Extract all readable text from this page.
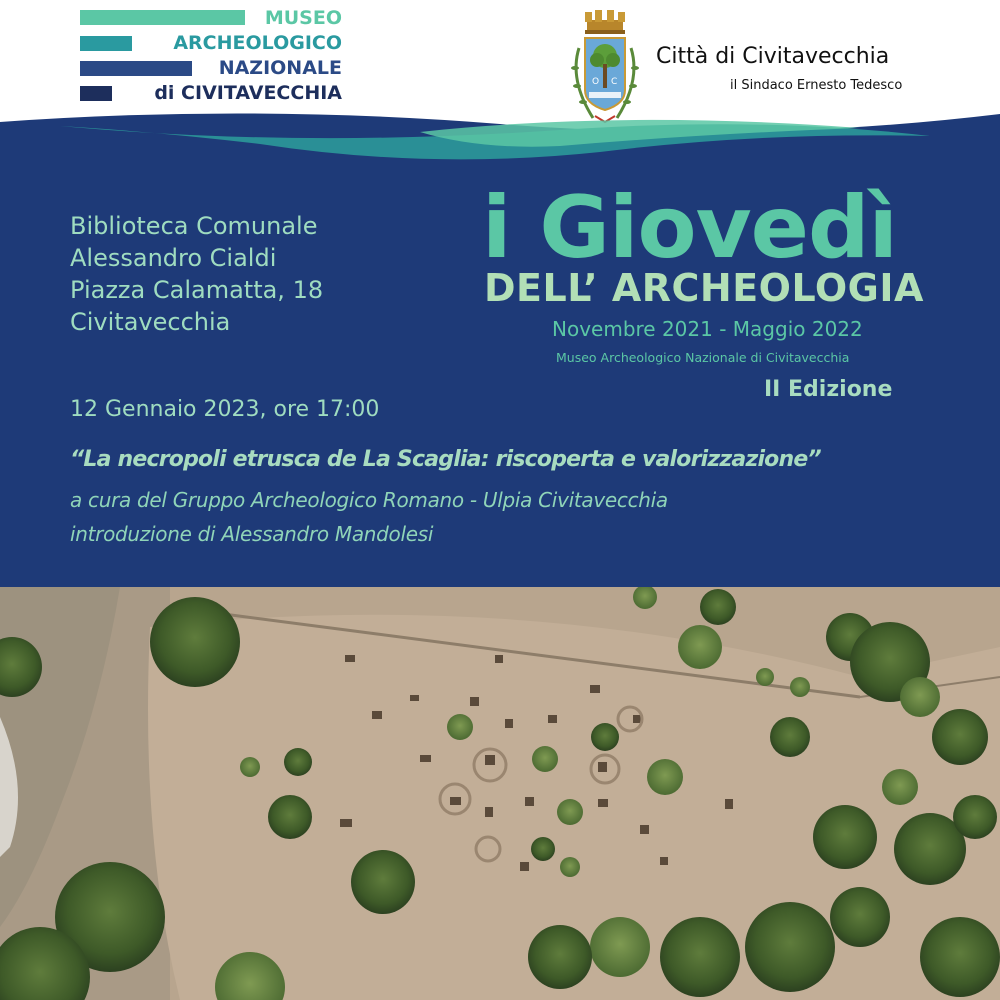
MUSEO
ARCHEOLOGICO
NAZIONALE
di CIVITAVECCHIA	O C
Città di Civitavecchia
il Sindaco Ernesto Tedesco
Biblioteca Comunale
Alessandro Cialdi
Piazza Calamatta, 18
Civitavecchia
i Giovedì
DELL’ ARCHEOLOGIA
Novembre 2021 - Maggio 2022
Museo Archeologico Nazionale di Civitavecchia
II Edizione
12 Gennaio 2023, ore 17:00
“La necropoli etrusca de La Scaglia: riscoperta e valorizzazione”
a cura del Gruppo Archeologico Romano - Ulpia Civitavecchia
introduzione di Alessandro Mandolesi
